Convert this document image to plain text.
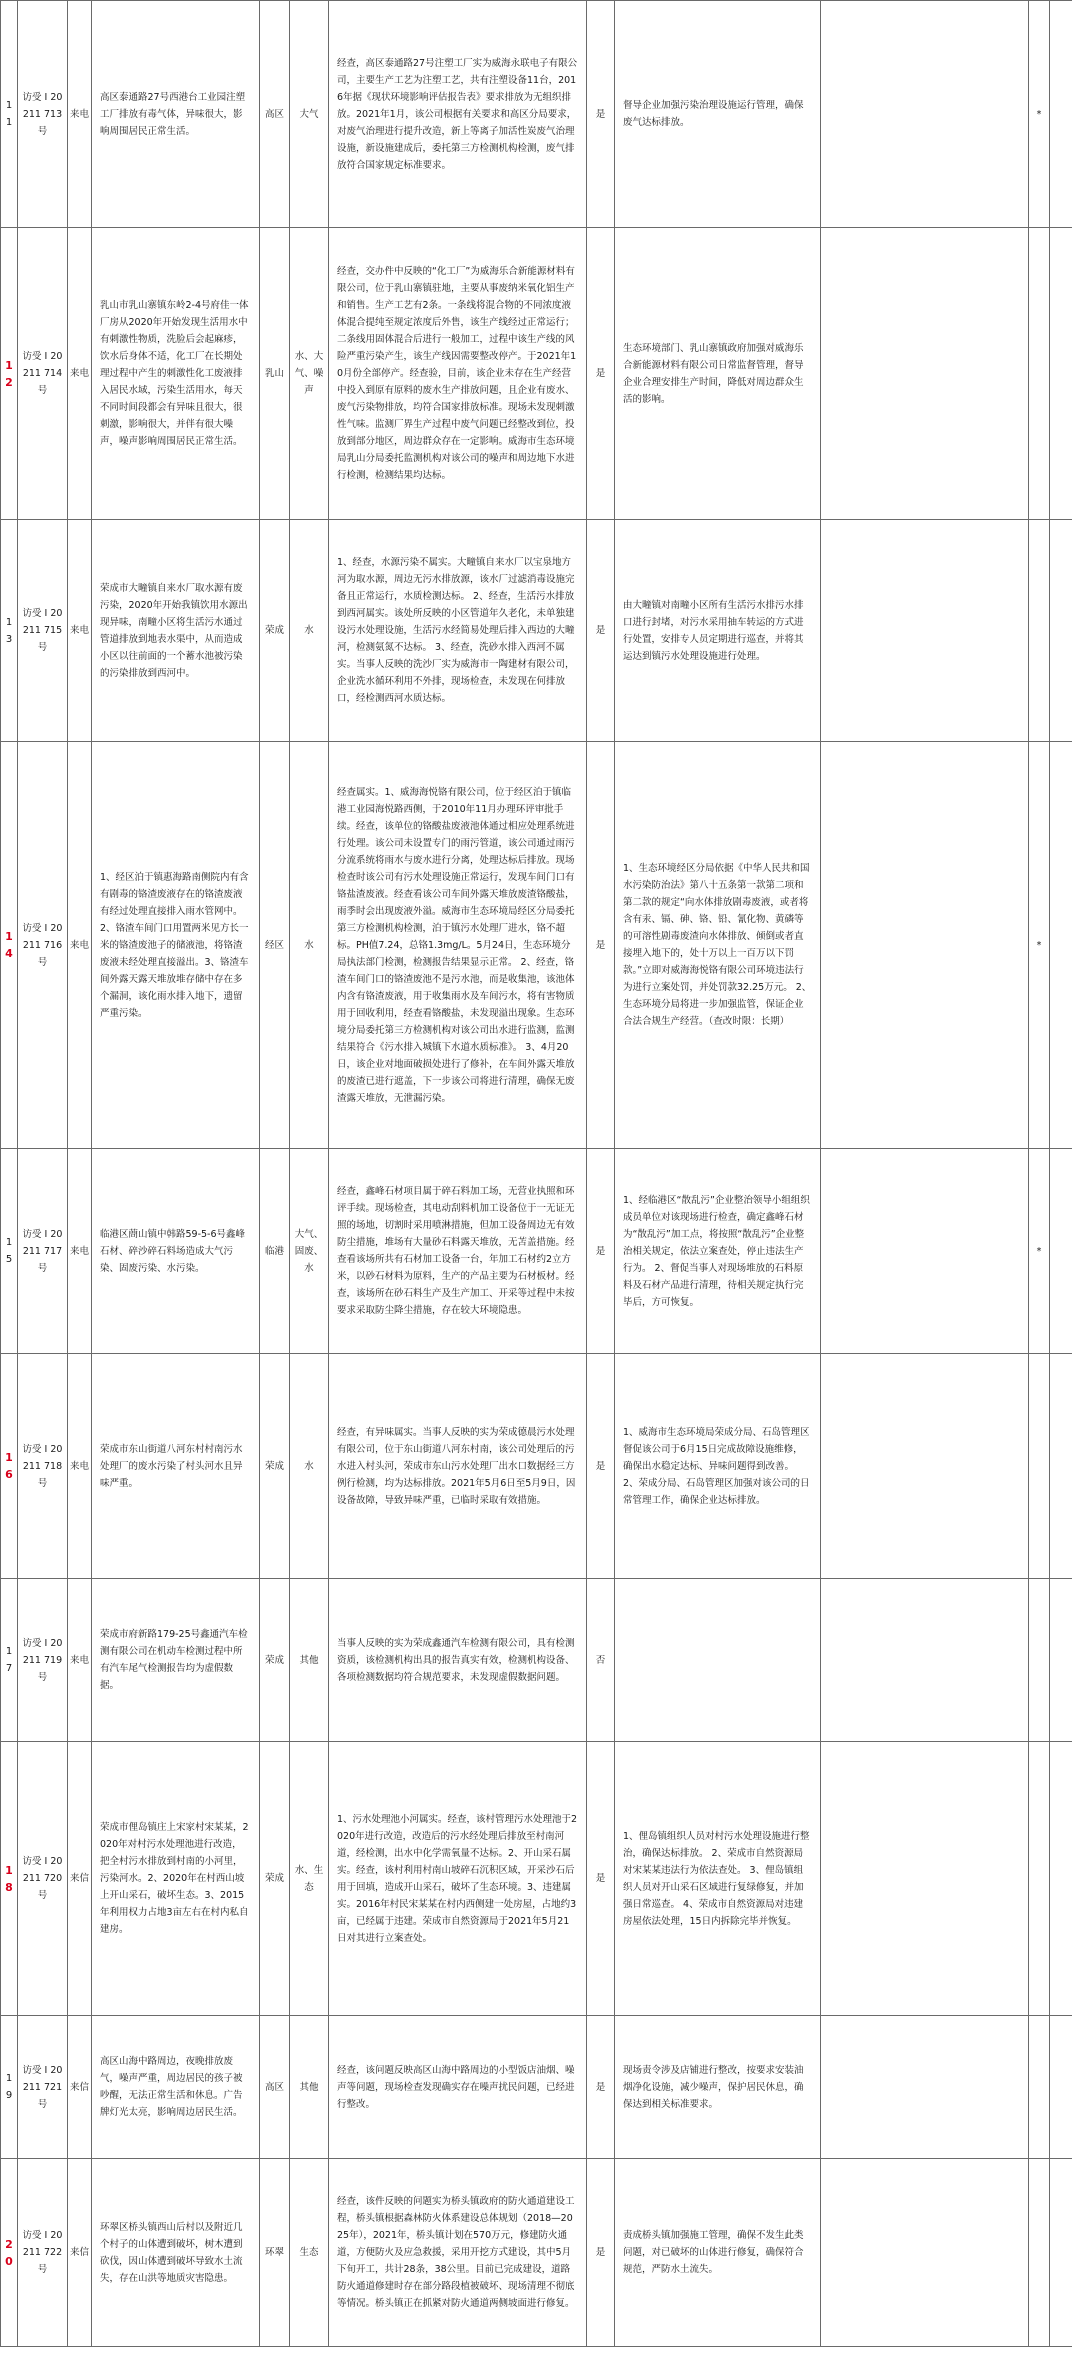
11	访受 I 20211 713号	来电	高区泰通路27号西港台工业园注塑工厂排放有毒气体，异味很大，影响周围居民正常生活。	高区	大气	经查，高区泰通路27号注塑工厂实为威海永联电子有限公司，主要生产工艺为注塑工艺，共有注塑设备11台，2016年据《现状环境影响评估报告表》要求排放为无组织排放。2021年1月，该公司根据有关要求和高区分局要求，对废气治理进行提升改造，新上等离子加活性炭废气治理设施，新设施建成后，委托第三方检测机构检测，废气排放符合国家规定标准要求。	是	督导企业加强污染治理设施运行管理，确保废气达标排放。		*	
12	访受 I 20211 714号	来电	乳山市乳山寨镇东岭2-4号府佳一体厂房从2020年开始发现生活用水中有刺激性物质，洗脸后会起麻疹，饮水后身体不适，化工厂在长期处理过程中产生的刺激性化工废液排入居民水域，污染生活用水，每天不同时间段都会有异味且很大，很刺激，影响很大，并伴有很大噪声，噪声影响周围居民正常生活。	乳山	水、大气、噪声	经查，交办件中反映的“化工厂”为威海乐合新能源材料有限公司，位于乳山寨镇驻地，主要从事废纳米氧化铝生产和销售。生产工艺有2条。一条线将混合物的不同浓度液体混合提纯至规定浓度后外售，该生产线经过正常运行；二条线用固体混合后进行一般加工，过程中该生产线的风险严重污染产生，该生产线因需要整改停产。于2021年10月份全部停产。经查验，目前，该企业未存在生产经营中投入到原有原料的废水生产排放问题，且企业有废水、废气污染物排放，均符合国家排放标准。现场未发现刺激性气味。监测厂界生产过程中废气问题已经整改到位，投放到部分地区，周边群众存在一定影响。威海市生态环境局乳山分局委托监测机构对该公司的噪声和周边地下水进行检测，检测结果均达标。	是	生态环境部门、乳山寨镇政府加强对威海乐合新能源材料有限公司日常监督管理，督导企业合理安排生产时间，降低对周边群众生活的影响。			
13	访受 I 20211 715号	来电	荣成市大疃镇自来水厂取水源有废污染，2020年开始我镇饮用水源出现异味，南疃小区将生活污水通过管道排放到地表水渠中，从而造成小区以往前面的一个蓄水池被污染的污染排放到西河中。	荣成	水	1、经查，水源污染不属实。大疃镇自来水厂以宝泉地方河为取水源，周边无污水排放源，该水厂过滤消毒设施完备且正常运行，水质检测达标。 2、经查，生活污水排放到西河属实。该处所反映的小区管道年久老化，未单独建设污水处理设施，生活污水经简易处理后排入西边的大疃河，检测氨氮不达标。 3、经查，洗砂水排入西河不属实。当事人反映的洗沙厂实为威海市一陶建材有限公司，企业洗水循环利用不外排，现场检查，未发现在何排放口，经检测西河水质达标。	是	由大疃镇对南疃小区所有生活污水排污水排口进行封堵，对污水采用抽车转运的方式进行处置，安排专人员定期进行巡查，并将其运达到镇污水处理设施进行处理。			
14	访受 I 20211 716号	来电	1、经区泊于镇惠海路南侧院内有含有剧毒的铬渣废液存在的铬渣废液有经过处理直接排入雨水管网中。2、铬渣车间门口用置两米见方长一米的铬渣废池子的储液池，将铬渣废液未经处理直接溢出。3、铬渣车间外露天露天堆放堆存储中存在多个漏洞，该化雨水排入地下，遗留严重污染。	经区	水	经查属实。1、威海海悦铬有限公司，位于经区泊于镇临港工业园海悦路西侧，于2010年11月办理环评审批手续。经查，该单位的铬酸盐废液池体通过相应处理系统进行处理。该公司未设置专门的雨污管道，该公司通过雨污分流系统将雨水与废水进行分离，处理达标后排放。现场检查时该公司有污水处理设施正常运行，发现车间门口有铬盐渣废液。经查看该公司车间外露天堆放废渣铬酸盐，雨季时会出现废液外溢。威海市生态环境局经区分局委托第三方检测机构检测，泊于镇污水处理厂进水，铬不超标。PH值7.24，总铬1.3mg/L。5月24日，生态环境分局执法部门检测，检测报告结果显示正常。 2、经查，铬渣车间门口的铬渣废池不是污水池，而是收集池，该池体内含有铬渣废液，用于收集雨水及车间污水，将有害物质用于回收利用，经查看铬酸盐，未发现溢出现象。生态环境分局委托第三方检测机构对该公司出水进行监测，监测结果符合《污水排入城镇下水道水质标准》。 3、4月20日，该企业对地面破损处进行了修补，在车间外露天堆放的废渣已进行遮盖，下一步该公司将进行清理，确保无废渣露天堆放，无泄漏污染。	是	1、生态环境经区分局依据《中华人民共和国水污染防治法》第八十五条第一款第二项和第二款的规定“向水体排放剧毒废液，或者将含有汞、镉、砷、铬、铅、氰化物、黄磷等的可溶性剧毒废渣向水体排放、倾倒或者直接埋入地下的，处十万以上一百万以下罚款。”立即对威海海悦铬有限公司环境违法行为进行立案处罚，并处罚款32.25万元。 2、生态环境分局将进一步加强监管，保证企业合法合规生产经营。（查改时限：长期）		*	
15	访受 I 20211 717号	来电	临港区蔄山镇中韩路59-5-6号鑫峰石材、碎沙碎石料场造成大气污染、固废污染、水污染。	临港	大气、固废、水	经查，鑫峰石材项目属于碎石料加工场，无营业执照和环评手续。现场检查，其电动刮料机加工设备位于一无证无照的场地，切割时采用喷淋措施，但加工设备周边无有效防尘措施，堆场有大量砂石料露天堆放，无苫盖措施。经查看该场所共有石材加工设备一台，年加工石材约2立方米，以砂石材料为原料，生产的产品主要为石材板材。经查，该场所在砂石料生产及生产加工、开采等过程中未按要求采取防尘降尘措施，存在较大环境隐患。	是	1、经临港区“散乱污”企业整治领导小组组织成员单位对该现场进行检查，确定鑫峰石材为“散乱污”加工点，将按照“散乱污”企业整治相关规定，依法立案查处，停止违法生产行为。 2、督促当事人对现场堆放的石料原料及石材产品进行清理，待相关规定执行完毕后，方可恢复。		*	
16	访受 I 20211 718号	来电	荣成市东山街道八河东村村南污水处理厂的废水污染了村头河水且异味严重。	荣成	水	经查，有异味属实。当事人反映的实为荣成德晨污水处理有限公司，位于东山街道八河东村南，该公司处理后的污水进入村头河，荣成市东山污水处理厂出水口数据经三方例行检测，均为达标排放。2021年5月6日至5月9日，因设备故障，导致异味严重，已临时采取有效措施。	是	1、威海市生态环境局荣成分局、石岛管理区督促该公司于6月15日完成故障设施维修，确保出水稳定达标、异味问题得到改善。 2、荣成分局、石岛管理区加强对该公司的日常管理工作，确保企业达标排放。			
17	访受 I 20211 719号	来电	荣成市府新路179-25号鑫通汽车检测有限公司在机动车检测过程中所有汽车尾气检测报告均为虚假数据。	荣成	其他	当事人反映的实为荣成鑫通汽车检测有限公司，具有检测资质，该检测机构出具的报告真实有效，检测机构设备、各项检测数据均符合规范要求，未发现虚假数据问题。	否				
18	访受 I 20211 720号	来信	荣成市俚岛镇庄上宋家村宋某某，2020年对村污水处理池进行改造，把全村污水排放到村南的小河里，污染河水。2、2020年在村西山坡上开山采石，破坏生态。3、2015年利用权力占地3亩左右在村内私自建房。	荣成	水、生态	1、污水处理池小河属实。经查，该村管理污水处理池于2020年进行改造，改造后的污水经处理后排放至村南河道，经检测，出水中化学需氧量不达标。2、开山采石属实。经查，该村利用村南山坡碎石沉积区域，开采沙石后用于回填，造成开山采石，破坏了生态环境。3、违建属实。2016年村民宋某某在村内西侧建一处房屋，占地约3亩，已经属于违建。荣成市自然资源局于2021年5月21日对其进行立案查处。	是	1、俚岛镇组织人员对村污水处理设施进行整治，确保达标排放。 2、荣成市自然资源局对宋某某违法行为依法查处。 3、俚岛镇组织人员对开山采石区域进行复绿修复，并加强日常巡查。 4、荣成市自然资源局对违建房屋依法处理，15日内拆除完毕并恢复。			
19	访受 I 20211 721号	来信	高区山海中路周边，夜晚排放废气，噪声严重，周边居民的孩子被吵醒，无法正常生活和休息。广告牌灯光太亮，影响周边居民生活。	高区	其他	经查，该问题反映高区山海中路周边的小型饭店油烟、噪声等问题，现场检查发现确实存在噪声扰民问题，已经进行整改。	是	现场责令涉及店铺进行整改，按要求安装油烟净化设施，减少噪声，保护居民休息，确保达到相关标准要求。			
20	访受 I 20211 722号	来信	环翠区桥头镇西山后村以及附近几个村子的山体遭到破坏，树木遭到砍伐，因山体遭到破坏导致水土流失，存在山洪等地质灾害隐患。	环翠	生态	经查，该件反映的问题实为桥头镇政府的防火通道建设工程，桥头镇根据森林防火体系建设总体规划（2018—2025年），2021年，桥头镇计划在570万元，修建防火通道，方便防火及应急救援，采用开挖方式建设，其中5月下旬开工，共计28条，38公里。目前已完成建设，道路防火通道修建时存在部分路段植被破坏、现场清理不彻底等情况。桥头镇正在抓紧对防火通道两侧坡面进行修复。	是	责成桥头镇加强施工管理，确保不发生此类问题，对已破坏的山体进行修复，确保符合规范，严防水土流失。			
